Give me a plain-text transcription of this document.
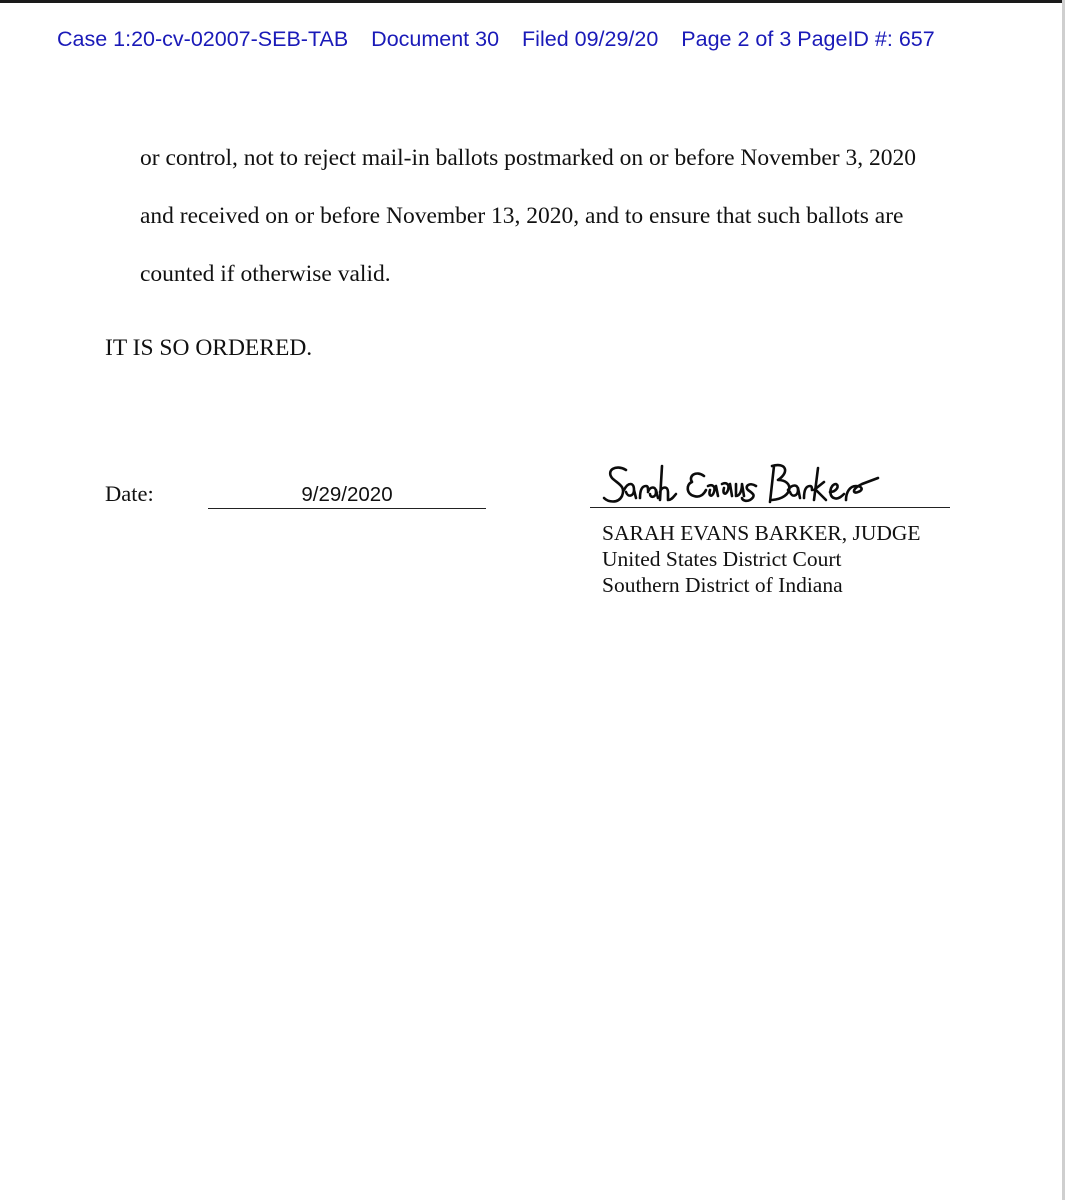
Case 1:20-cv-02007-SEB-TAB Document 30 Filed 09/29/20 Page 2 of 3 PageID #: 657
or control, not to reject mail-in ballots postmarked on or before November 3, 2020
and received on or before November 13, 2020, and to ensure that such ballots are
counted if otherwise valid.
IT IS SO ORDERED.
Date:	9/29/2020
SARAH EVANS BARKER, JUDGE
United States District Court
Southern District of Indiana
